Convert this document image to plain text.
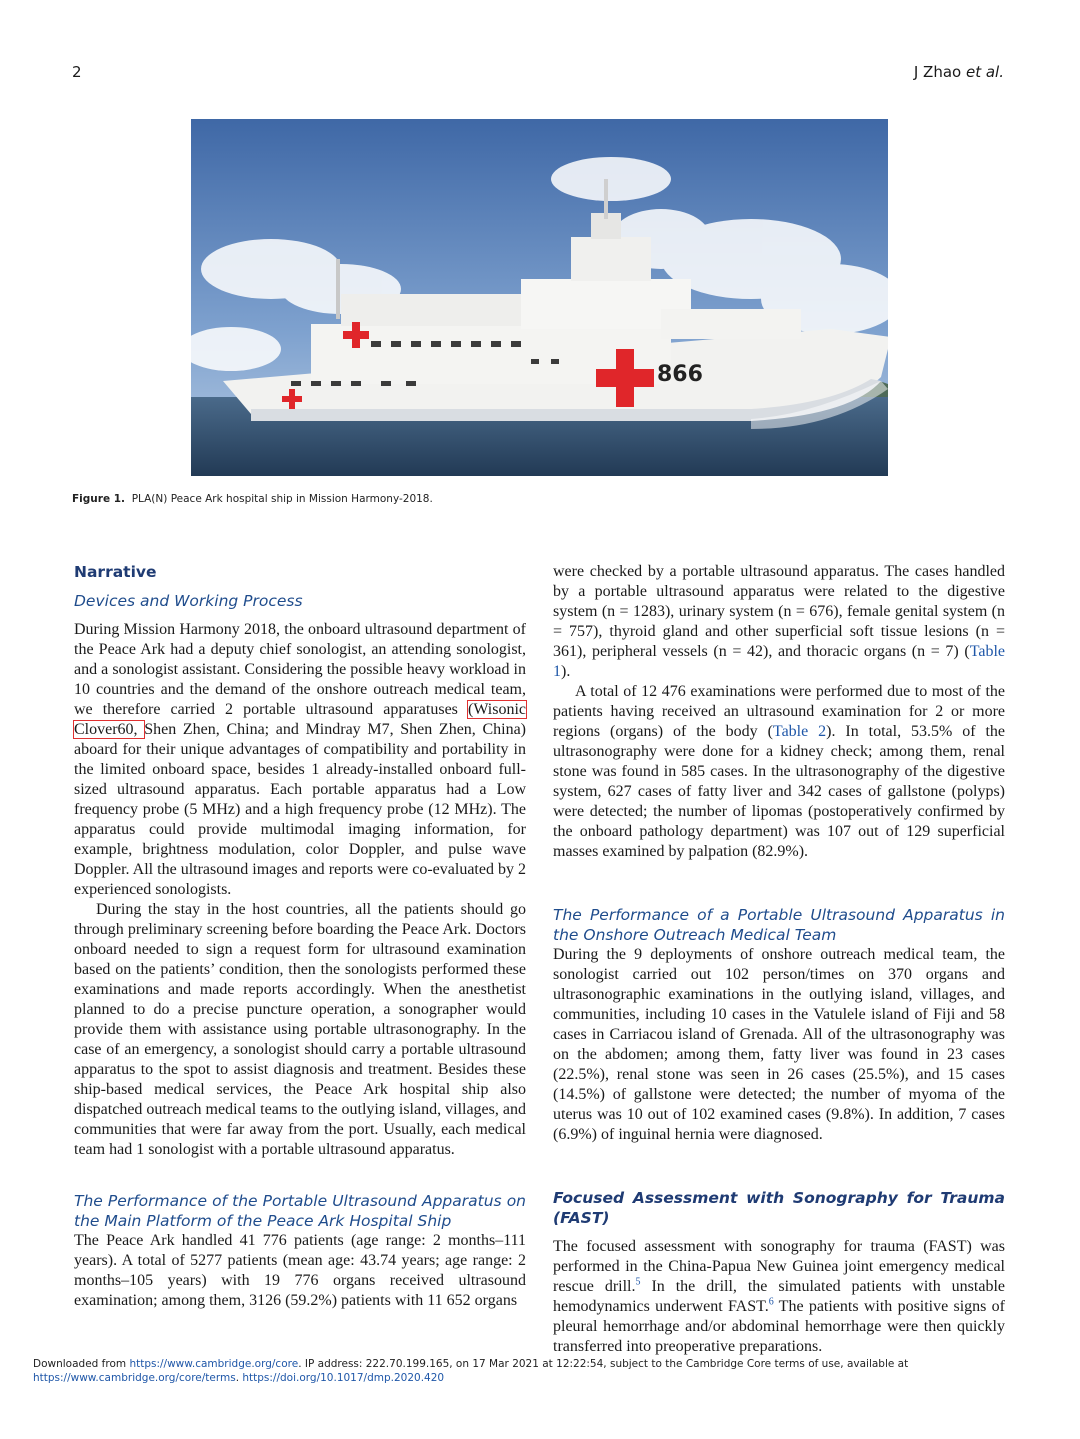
2	J Zhao et al.
866
Figure 1. PLA(N) Peace Ark hospital ship in Mission Harmony-2018.
Narrative
Devices and Working Process

During Mission Harmony 2018, the onboard ultrasound department of the Peace Ark had a deputy chief sonologist, an attending sonologist, and a sonologist assistant. Considering the possible heavy workload in 10 countries and the demand of the onshore outreach medical team, we therefore carried 2 portable ultrasound apparatuses (Wisonic Clover60, Shen Zhen, China; and Mindray M7, Shen Zhen, China) aboard for their unique advantages of compatibility and portability in the limited onboard space, besides 1 already-installed onboard full-sized ultrasound apparatus. Each portable apparatus had a Low frequency probe (5 MHz) and a high frequency probe (12 MHz). The apparatus could provide multimodal imaging information, for example, brightness modulation, color Doppler, and pulse wave Doppler. All the ultrasound images and reports were co-evaluated by 2 experienced sonologists.

During the stay in the host countries, all the patients should go through preliminary screening before boarding the Peace Ark. Doctors onboard needed to sign a request form for ultrasound examination based on the patients’ condition, then the sonologists performed these examinations and made reports accordingly. When the anesthetist planned to do a precise puncture operation, a sonographer would provide them with assistance using portable ultrasonography. In the case of an emergency, a sonologist should carry a portable ultrasound apparatus to the spot to assist diagnosis and treatment. Besides these ship-based medical services, the Peace Ark hospital ship also dispatched outreach medical teams to the outlying island, villages, and communities that were far away from the port. Usually, each medical team had 1 sonologist with a portable ultrasound apparatus.

The Performance of the Portable Ultrasound Apparatus on the Main Platform of the Peace Ark Hospital Ship

The Peace Ark handled 41 776 patients (age range: 2 months–111 years). A total of 5277 patients (mean age: 43.74 years; age range: 2 months–105 years) with 19 776 organs received ultrasound examination; among them, 3126 (59.2%) patients with 11 652 organs

were checked by a portable ultrasound apparatus. The cases handled by a portable ultrasound apparatus were related to the digestive system (n = 1283), urinary system (n = 676), female genital system (n = 757), thyroid gland and other superficial soft tissue lesions (n = 361), peripheral vessels (n = 42), and thoracic organs (n = 7) (Table 1).

A total of 12 476 examinations were performed due to most of the patients having received an ultrasound examination for 2 or more regions (organs) of the body (Table 2). In total, 53.5% of the ultrasonography were done for a kidney check; among them, renal stone was found in 585 cases. In the ultrasonography of the digestive system, 627 cases of fatty liver and 342 cases of gallstone (polyps) were detected; the number of lipomas (postoperatively confirmed by the onboard pathology department) was 107 out of 129 superficial masses examined by palpation (82.9%).

The Performance of a Portable Ultrasound Apparatus in the Onshore Outreach Medical Team

During the 9 deployments of onshore outreach medical team, the sonologist carried out 102 person/times on 370 organs and ultrasonographic examinations in the outlying island, villages, and communities, including 10 cases in the Vatulele island of Fiji and 58 cases in Carriacou island of Grenada. All of the ultrasonography was on the abdomen; among them, fatty liver was found in 23 cases (22.5%), renal stone was seen in 26 cases (25.5%), and 15 cases (14.5%) of gallstone were detected; the number of myoma of the uterus was 10 out of 102 examined cases (9.8%). In addition, 7 cases (6.9%) of inguinal hernia were diagnosed.

Focused Assessment with Sonography for Trauma (FAST)

The focused assessment with sonography for trauma (FAST) was performed in the China-Papua New Guinea joint emergency medical rescue drill.$^5$ In the drill, the simulated patients with unstable hemodynamics underwent FAST.$^6$ The patients with positive signs of pleural hemorrhage and/or abdominal hemorrhage were then quickly transferred into preoperative preparations.

Downloaded from https://www.cambridge.org/core. IP address: 222.70.199.165, on 17 Mar 2021 at 12:22:54, subject to the Cambridge Core terms of use, available at
https://www.cambridge.org/core/terms. https://doi.org/10.1017/dmp.2020.420
